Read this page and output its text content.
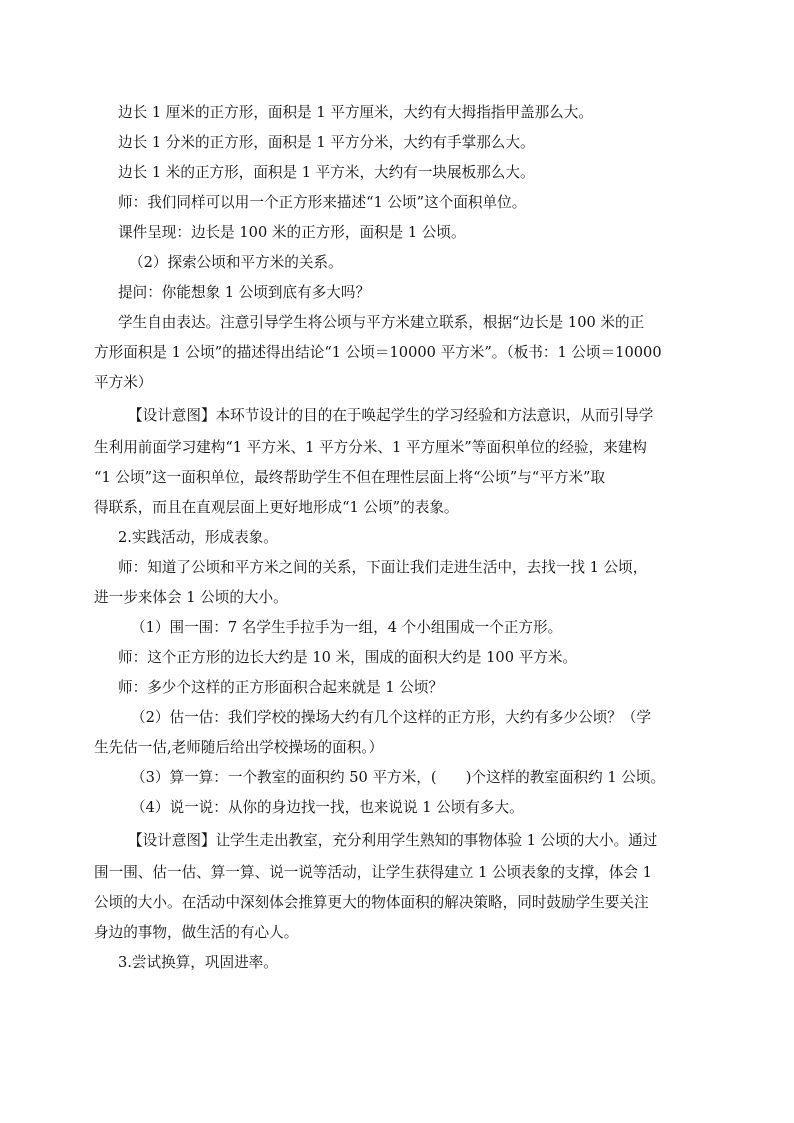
边长 1 厘米的正方形，面积是 1 平方厘米，大约有大拇指指甲盖那么大。
边长 1 分米的正方形，面积是 1 平方分米，大约有手掌那么大。
边长 1 米的正方形，面积是 1 平方米，大约有一块展板那么大。
师：我们同样可以用一个正方形来描述“1 公顷”这个面积单位。
课件呈现：边长是 100 米的正方形，面积是 1 公顷。
（2）探索公顷和平方米的关系。
提问：你能想象 1 公顷到底有多大吗？
学生自由表达。注意引导学生将公顷与平方米建立联系，根据“边长是 100 米的正
方形面积是 1 公顷”的描述得出结论“1 公顷＝10000 平方米”。（板书：1 公顷＝10000
平方米）
【设计意图】本环节设计的目的在于唤起学生的学习经验和方法意识，从而引导学
生利用前面学习建构“1 平方米、1 平方分米、1 平方厘米”等面积单位的经验，来建构
“1 公顷”这一面积单位，最终帮助学生不但在理性层面上将“公顷”与“平方米”取
得联系，而且在直观层面上更好地形成“1 公顷”的表象。
2.实践活动，形成表象。
师：知道了公顷和平方米之间的关系，下面让我们走进生活中，去找一找 1 公顷，
进一步来体会 1 公顷的大小。
（1）围一围：7 名学生手拉手为一组，4 个小组围成一个正方形。
师：这个正方形的边长大约是 10 米，围成的面积大约是 100 平方米。
师：多少个这样的正方形面积合起来就是 1 公顷？
（2）估一估：我们学校的操场大约有几个这样的正方形，大约有多少公顷？（学
生先估一估,老师随后给出学校操场的面积。）
（3）算一算：一个教室的面积约 50 平方米，(　　)个这样的教室面积约 1 公顷。
（4）说一说：从你的身边找一找，也来说说 1 公顷有多大。
【设计意图】让学生走出教室，充分利用学生熟知的事物体验 1 公顷的大小。通过
围一围、估一估、算一算、说一说等活动，让学生获得建立 1 公顷表象的支撑，体会 1
公顷的大小。在活动中深刻体会推算更大的物体面积的解决策略，同时鼓励学生要关注
身边的事物，做生活的有心人。
3.尝试换算，巩固进率。
